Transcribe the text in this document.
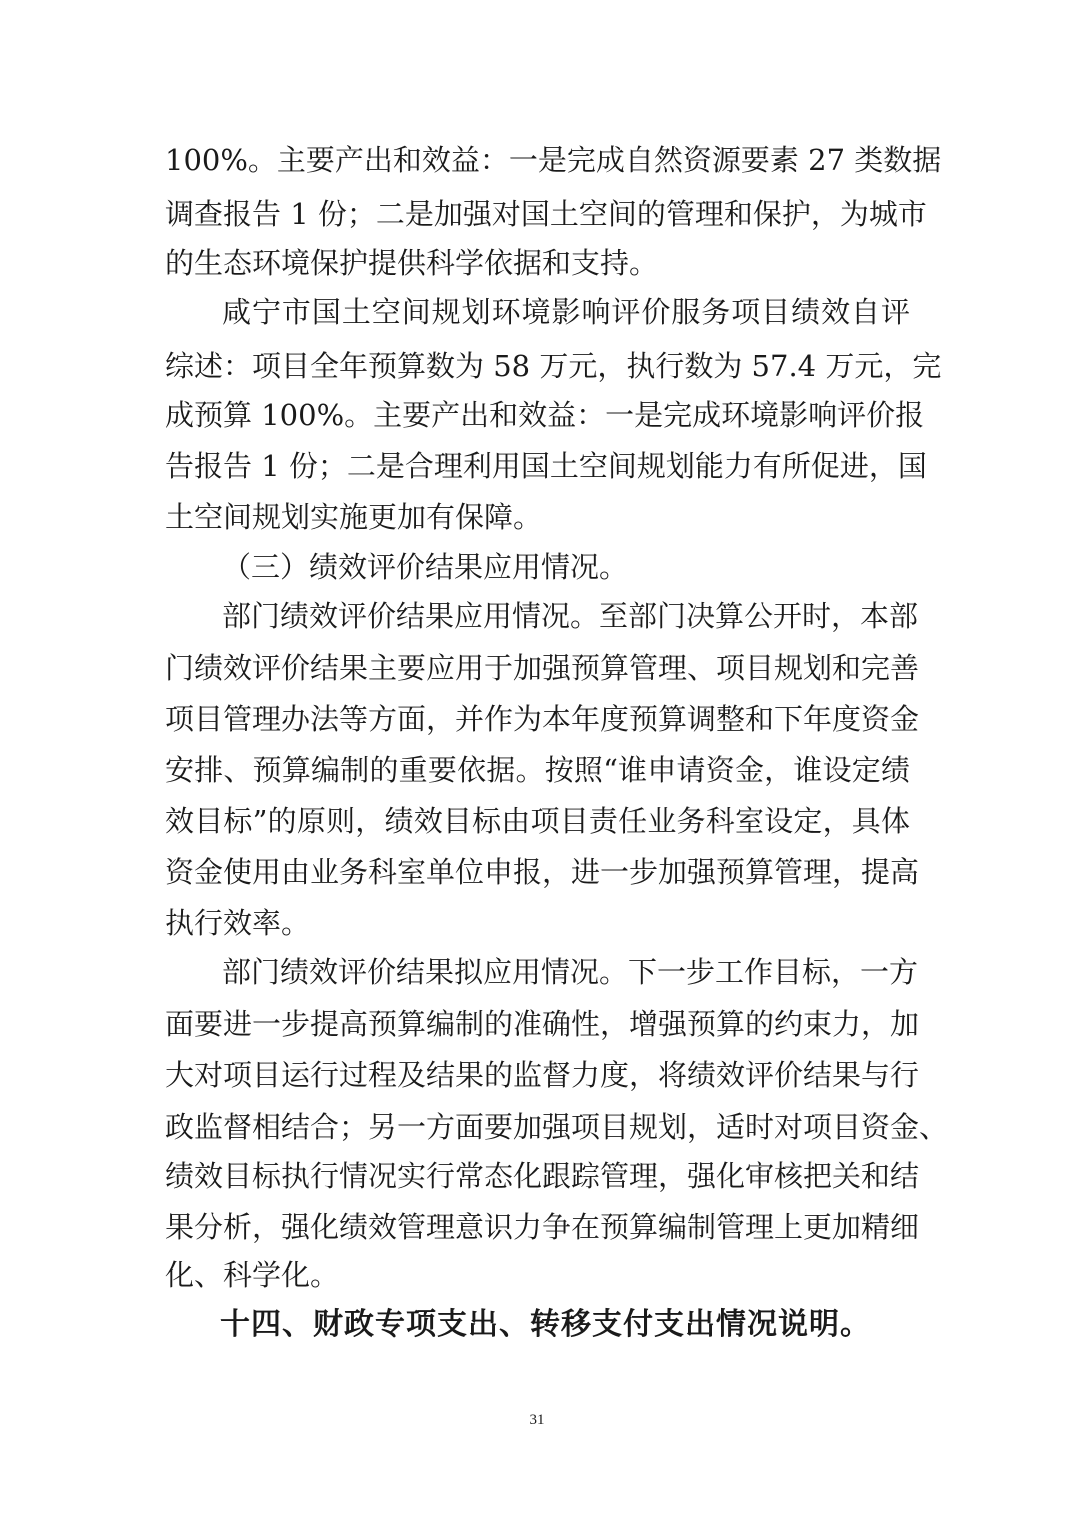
100%。主要产出和效益：一是完成自然资源要素 27 类数据
调查报告 1 份；二是加强对国土空间的管理和保护，为城市
的生态环境保护提供科学依据和支持。
咸宁市国土空间规划环境影响评价服务项目绩效自评
综述：项目全年预算数为 58 万元，执行数为 57.4 万元，完
成预算 100%。主要产出和效益：一是完成环境影响评价报
告报告 1 份；二是合理利用国土空间规划能力有所促进，国
土空间规划实施更加有保障。
（三）绩效评价结果应用情况。
部门绩效评价结果应用情况。至部门决算公开时，本部
门绩效评价结果主要应用于加强预算管理、项目规划和完善
项目管理办法等方面，并作为本年度预算调整和下年度资金
安排、预算编制的重要依据。按照“谁申请资金，谁设定绩
效目标”的原则，绩效目标由项目责任业务科室设定，具体
资金使用由业务科室单位申报，进一步加强预算管理，提高
执行效率。
部门绩效评价结果拟应用情况。下一步工作目标，一方
面要进一步提高预算编制的准确性，增强预算的约束力，加
大对项目运行过程及结果的监督力度，将绩效评价结果与行
政监督相结合；另一方面要加强项目规划，适时对项目资金、
绩效目标执行情况实行常态化跟踪管理，强化审核把关和结
果分析，强化绩效管理意识力争在预算编制管理上更加精细
化、科学化。
十四、财政专项支出、转移支付支出情况说明。
31
